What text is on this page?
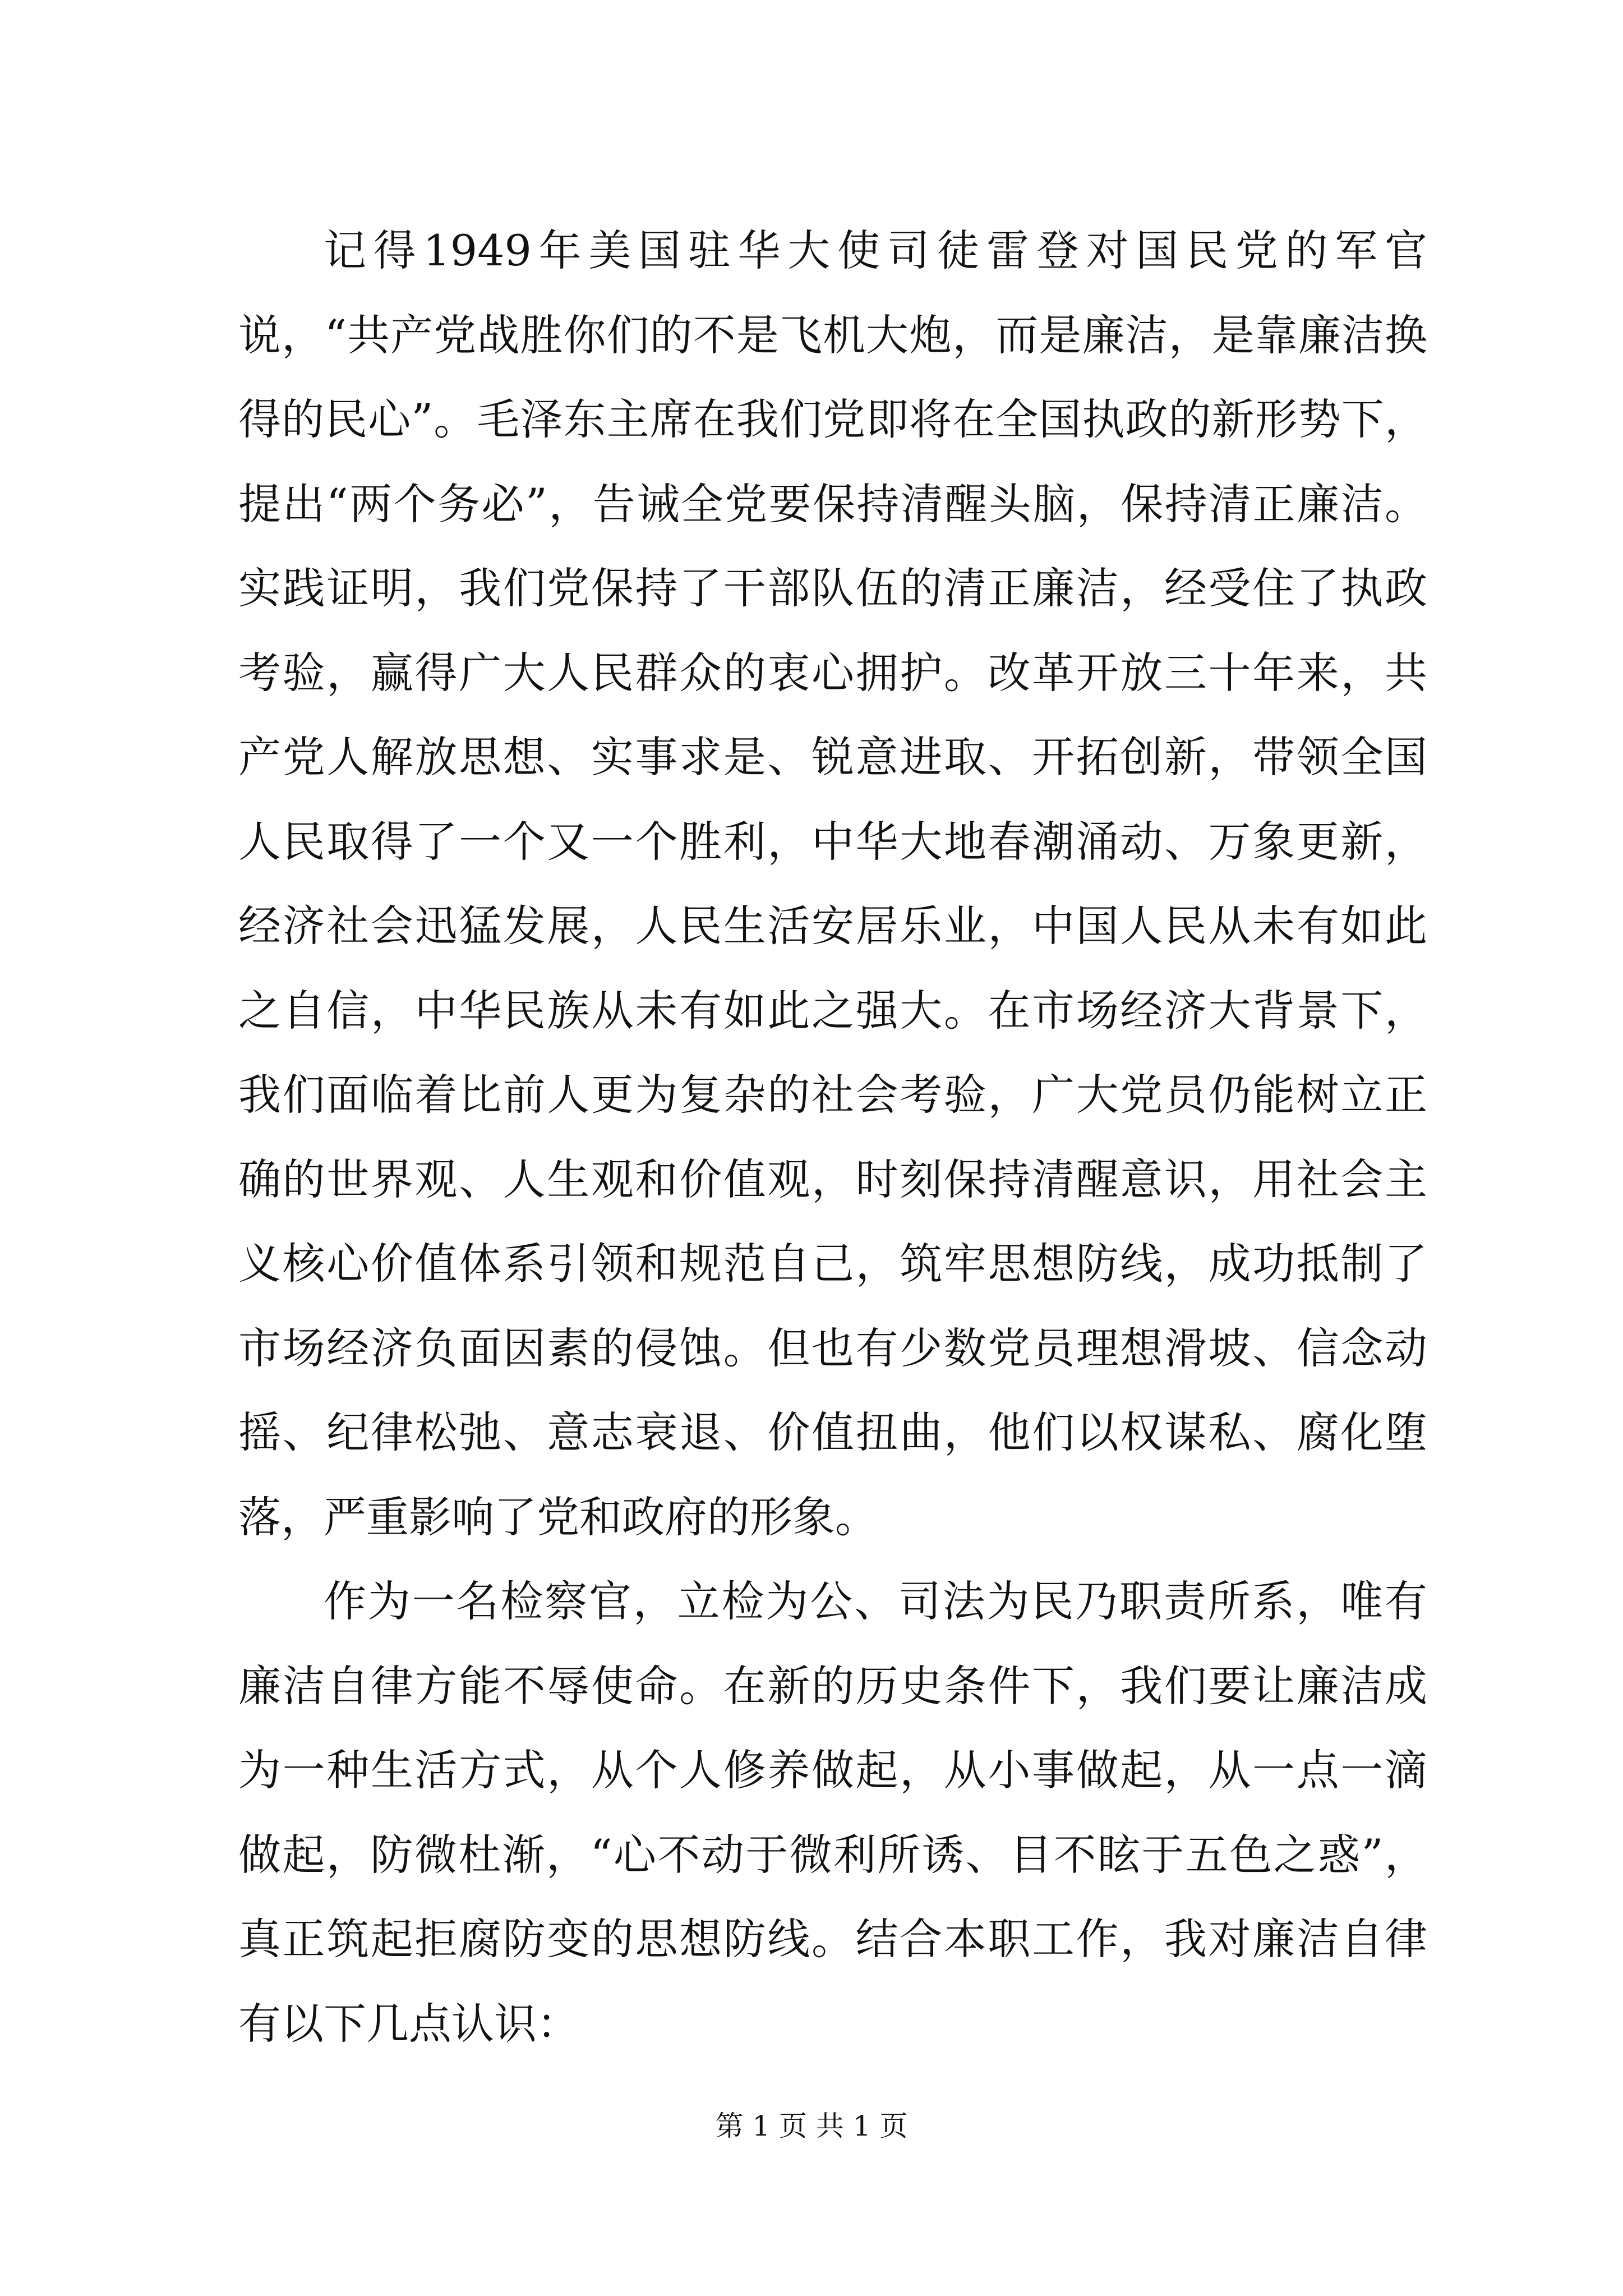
记得1949年美国驻华大使司徒雷登对国民党的军官说，“共产党战胜你们的不是飞机大炮，而是廉洁，是靠廉洁换得的民心”。毛泽东主席在我们党即将在全国执政的新形势下，提出“两个务必”，告诫全党要保持清醒头脑，保持清正廉洁。实践证明，我们党保持了干部队伍的清正廉洁，经受住了执政考验，赢得广大人民群众的衷心拥护。改革开放三十年来，共产党人解放思想、实事求是、锐意进取、开拓创新，带领全国人民取得了一个又一个胜利，中华大地春潮涌动、万象更新，经济社会迅猛发展，人民生活安居乐业，中国人民从未有如此之自信，中华民族从未有如此之强大。在市场经济大背景下，我们面临着比前人更为复杂的社会考验，广大党员仍能树立正确的世界观、人生观和价值观，时刻保持清醒意识，用社会主义核心价值体系引领和规范自己，筑牢思想防线，成功抵制了市场经济负面因素的侵蚀。但也有少数党员理想滑坡、信念动摇、纪律松弛、意志衰退、价值扭曲，他们以权谋私、腐化堕落，严重影响了党和政府的形象。

作为一名检察官，立检为公、司法为民乃职责所系，唯有廉洁自律方能不辱使命。在新的历史条件下，我们要让廉洁成为一种生活方式，从个人修养做起，从小事做起，从一点一滴做起，防微杜渐，“心不动于微利所诱、目不眩于五色之惑”，真正筑起拒腐防变的思想防线。结合本职工作，我对廉洁自律有以下几点认识：

第 1 页 共 1 页
